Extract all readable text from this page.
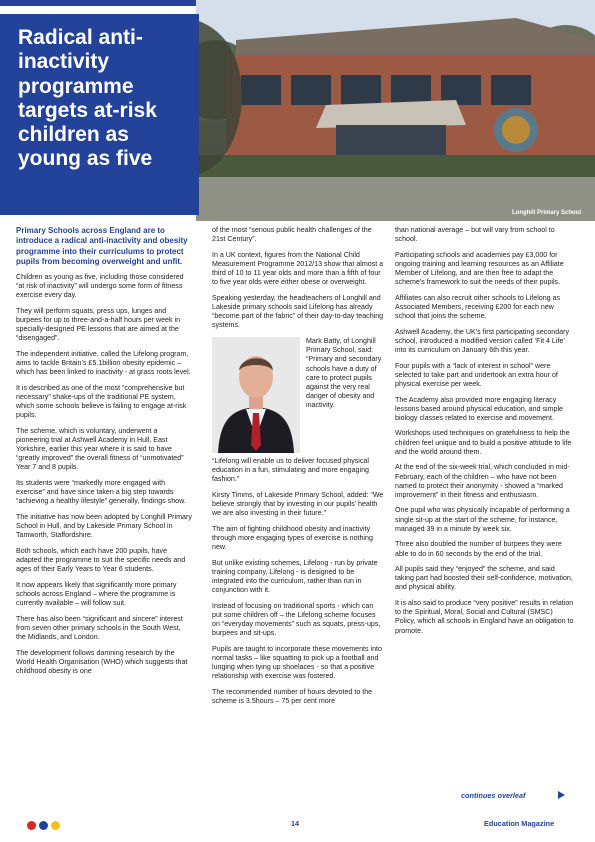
Longhill Primary School
Radical anti-inactivity programme targets at-risk children as young as five

Primary Schools across England are to introduce a radical anti-inactivity and obesity programme into their curriculums to protect pupils from becoming overweight and unfit.

Children as young as five, including those considered “at risk of inactivity” will undergo some form of fitness exercise every day.

They will perform squats, press ups, lunges and burpees for up to three-and-a-half hours per week in specially-designed PE lessons that are aimed at the “disengaged”.

The independent initiative, called the Lifelong program, aims to tackle Britain’s £5.1billion obesity epidemic – which has been linked to inactivity - at grass roots level.

It is described as one of the most “comprehensive but necessary” shake-ups of the traditional PE system, which some schools believe is failing to engage at-risk pupils.

The scheme, which is voluntary, underwent a pioneering trial at Ashwell Academy in Hull, East Yorkshire, earlier this year where it is said to have “greatly improved” the overall fitness of “unmotivated” Year 7 and 8 pupils.

Its students were “markedly more engaged with exercise” and have since taken a big step towards “achieving a healthy lifestyle” generally, findings show.

The initiative has now been adopted by Longhill Primary School in Hull, and by Lakeside Primary School in Tamworth, Staffordshire.

Both schools, which each have 200 pupils, have adapted the programme to suit the specific needs and ages of their Early Years to Year 6 students.

It now appears likely that significantly more primary schools across England – where the programme is currently available – will follow suit.

There has also been “significant and sincere” interest from seven other primary schools in the South West, the Midlands, and London.

The development follows damning research by the World Health Organisation (WHO) which suggests that childhood obesity is one

of the most “serious public health challenges of the 21st Century”.

In a UK context, figures from the National Child Measurement Programme 2012/13 show that almost a third of 10 to 11 year olds and more than a fifth of four to five year olds were either obese or overweight.

Speaking yesterday, the headteachers of Longhill and Lakeside primary schools said Lifelong has already “become part of the fabric” of their day-to-day teaching systems.

Mark Batty, of Longhill Primary School, said: “Primary and secondary schools have a duty of care to protect pupils against the very real danger of obesity and inactivity.

“Lifelong will enable us to deliver focused physical education in a fun, stimulating and more engaging fashion.”

Kirsty Timms, of Lakeside Primary School, added: “We believe strongly that by investing in our pupils’ health we are also investing in their future.”

The aim of fighting childhood obesity and inactivity through more engaging types of exercise is nothing new.

But unlike existing schemes, Lifelong - run by private training company, Lifelong - is designed to be integrated into the curriculum, rather than run in conjunction with it.

Instead of focusing on traditional sports - which can put some children off – the Lifelong scheme focuses on “everyday movements” such as squats, press-ups, burpees and sit-ups.

Pupils are taught to incorporate these movements into normal tasks – like squatting to pick up a football and lunging when tying up shoelaces - so that a positive relationship with exercise was fostered.

The recommended number of hours devoted to the scheme is 3.5hours – 75 per cent more

than national average – but will vary from school to school.

Participating schools and academies pay £3,000 for ongoing training and learning resources as an Affiliate Member of Lifelong, and are then free to adapt the scheme’s framework to suit the needs of their pupils.

Affiliates can also recruit other schools to Lifelong as Associated Members, receiving £200 for each new school that joins the scheme.

Ashwell Academy, the UK’s first participating secondary school, introduced a modified version called ‘Fit 4 Life’ into its curriculum on January 6th this year.

Four pupils with a “lack of interest in school” were selected to take part and undertook an extra hour of physical exercise per week.

The Academy also provided more engaging literacy lessons based around physical education, and simple biology classes related to exercise and movement.

Workshops used techniques on gratefulness to help the children feel unique and to build a positive attitude to life and the world around them.

At the end of the six-week trial, which concluded in mid-February, each of the children – who have not been named to protect their anonymity - showed a “marked improvement” in their fitness and enthusiasm.

One pupil who was physically incapable of performing a single sit-up at the start of the scheme, for instance, managed 39 in a minute by week six.

Three also doubled the number of burpees they were able to do in 60 seconds by the end of the trial.

All pupils said they “enjoyed” the scheme, and said taking part had boosted their self-confidence, motivation, and physical ability.

It is also said to produce “very positive” results in relation to the Spiritual, Moral, Social and Cultural (SMSC) Policy, which all schools in England have an obligation to promote.

continues overleaf
14	Education Magazine
